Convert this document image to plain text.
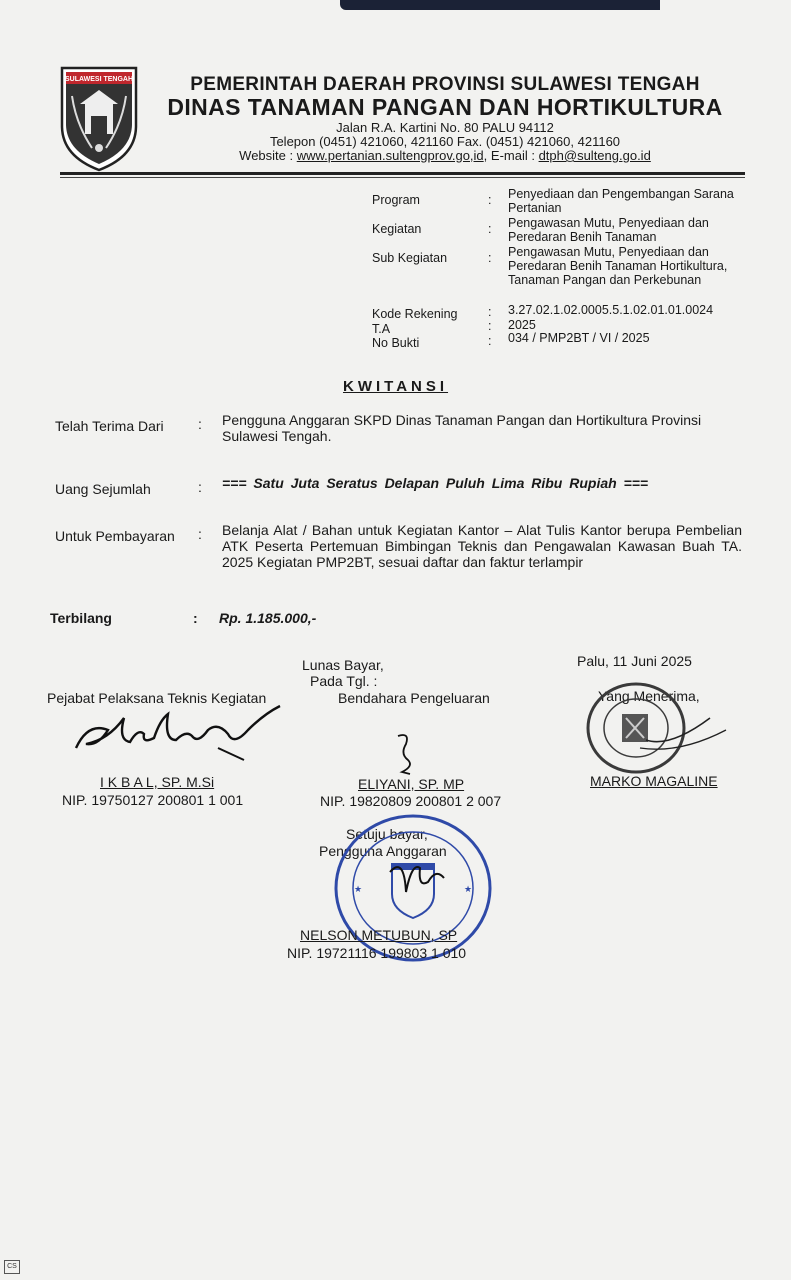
SULAWESI TENGAH	PEMERINTAH DAERAH PROVINSI SULAWESI TENGAH
DINAS TANAMAN PANGAN DAN HORTIKULTURA
Jalan R.A. Kartini No. 80 PALU 94112
Telepon (0451) 421060, 421160 Fax. (0451) 421060, 421160
Website : www.pertanian.sultengprov.go,id, E-mail : dtph@sulteng.go.id
Program	: Penyediaan dan Pengembangan Sarana Pertanian
Kegiatan	: Pengawasan Mutu, Penyediaan dan Peredaran Benih Tanaman
Sub Kegiatan	: Pengawasan Mutu, Penyediaan dan Peredaran Benih Tanaman Hortikultura, Tanaman Pangan dan Perkebunan
Kode Rekening : 3.27.02.1.02.0005.5.1.02.01.01.0024
T.A	: 2025
No Bukti	: 034 / PMP2BT / VI / 2025
KWITANSI
Telah Terima Dari : Pengguna Anggaran SKPD Dinas Tanaman Pangan dan Hortikultura Provinsi Sulawesi Tengah.
Uang Sejumlah	: === Satu Juta Seratus Delapan Puluh Lima Ribu Rupiah ===
Untuk Pembayaran : Belanja Alat / Bahan untuk Kegiatan Kantor – Alat Tulis Kantor berupa Pembelian ATK Peserta Pertemuan Bimbingan Teknis dan Pengawalan Kawasan Buah TA. 2025 Kegiatan PMP2BT, sesuai daftar dan faktur terlampir
Terbilang	: Rp. 1.185.000,-
Lunas Bayar,
Pada Tgl. :
Palu, 11 Juni 2025
Pejabat Pelaksana Teknis Kegiatan	Bendahara Pengeluaran	Yang Menerima,
I K B A L, SP. M.Si
NIP. 19750127 200801 1 001
ELIYANI, SP. MP
NIP. 19820809 200801 2 007
MARKO MAGALINE
Setuju bayar,
Pengguna Anggaran
★	★
NELSON METUBUN, SP
NIP. 19721116 199803 1 010
CS
